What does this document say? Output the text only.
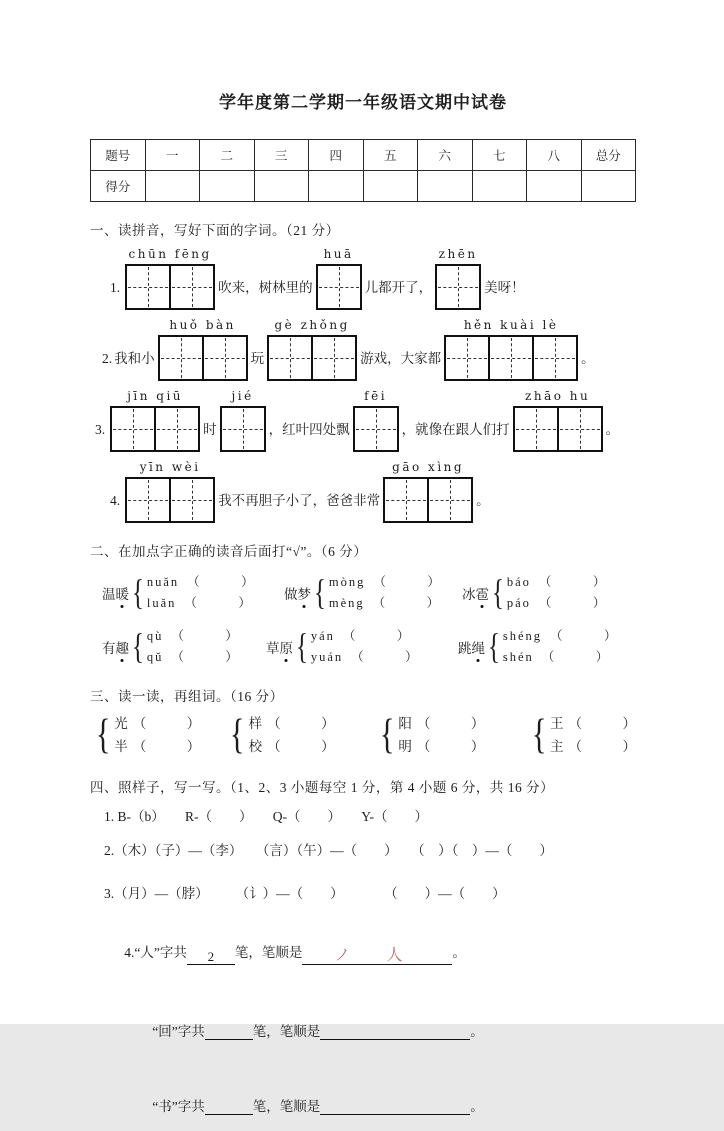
学年度第二学期一年级语文期中试卷
题号	一	二	三	四	五	六	七	八	总分
得分									
一、读拼音，写好下面的字词。（21 分）
1.
chūn fēng
吹来，树林里的
huā
儿都开了，
zhēn
美呀！
2. 我和小
huǒ bàn
玩
gè zhǒng
游戏，大家都
hěn kuài lè
。
3.
jīn qiū
时
jié
，红叶四处飘
fēi
，就像在跟人们打
zhāo hu
。
4.
yīn wèi
我不再胆子小了，爸爸非常
gāo xìng
。
二、在加点字正确的读音后面打“√”。（6 分）
温暖 { nuǎn （　　　）
luǎn （　　　）
做梦 { mòng （　　　）
mèng （　　　）
冰雹 { báo （　　　）
páo （　　　）
有趣 { qù （　　　）
qǔ （　　　）
草原 { yán （　　　）
yuán （　　　）
跳绳 { shéng （　　　）
shén （　　　）
三、读一读，再组词。（16 分）
{ 光 （　　　）
半 （　　　） { 样 （　　　）
校 （　　　） { 阳 （　　　）
明 （　　　） { 王 （　　　）
主 （　　　）
四、照样子，写一写。（1、2、3 小题每空 1 分，第 4 小题 6 分，共 16 分）
1. B-（b）　　R-（　　）　　Q-（　　）　　Y-（　　）
2.（木）（子）—（李）　　（言）（午）—（　　）　　（　）（　）—（　　）
3.（月）—（脖）　　　（讠）—（　　）　　　　（　　）—（　　）

4.“人”字共 2 笔，笔顺是 ノ 人	。

“回”字共	笔，笔顺是	。

“书”字共	笔，笔顺是	。
